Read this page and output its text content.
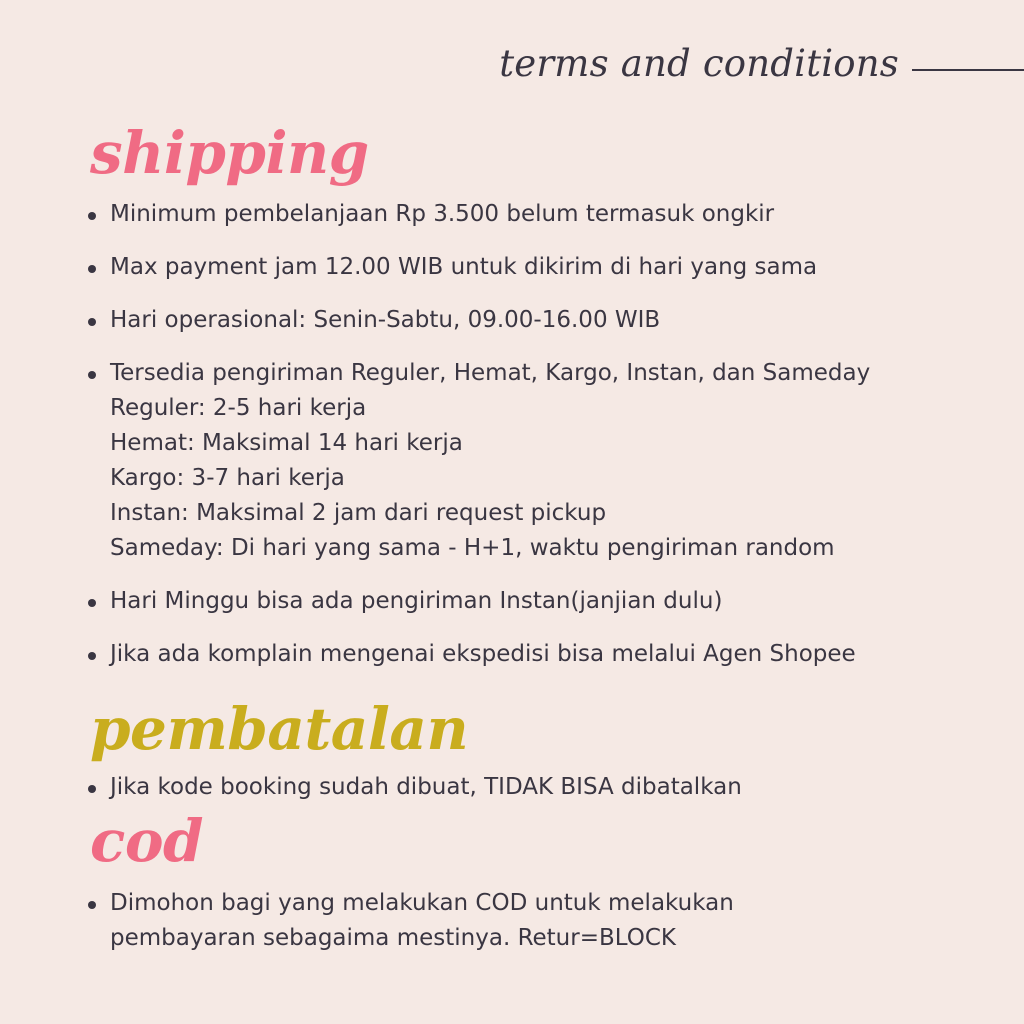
terms and conditions
shipping
Minimum pembelanjaan Rp 3.500 belum termasuk ongkir
Max payment jam 12.00 WIB untuk dikirim di hari yang sama
Hari operasional: Senin-Sabtu, 09.00-16.00 WIB
Tersedia pengiriman Reguler, Hemat, Kargo, Instan, dan Sameday
Reguler: 2-5 hari kerja
Hemat: Maksimal 14 hari kerja
Kargo: 3-7 hari kerja
Instan: Maksimal 2 jam dari request pickup
Sameday: Di hari yang sama - H+1, waktu pengiriman random
Hari Minggu bisa ada pengiriman Instan(janjian dulu)
Jika ada komplain mengenai ekspedisi bisa melalui Agen Shopee
pembatalan
Jika kode booking sudah dibuat, TIDAK BISA dibatalkan
cod
Dimohon bagi yang melakukan COD untuk melakukan
pembayaran sebagaima mestinya. Retur=BLOCK
